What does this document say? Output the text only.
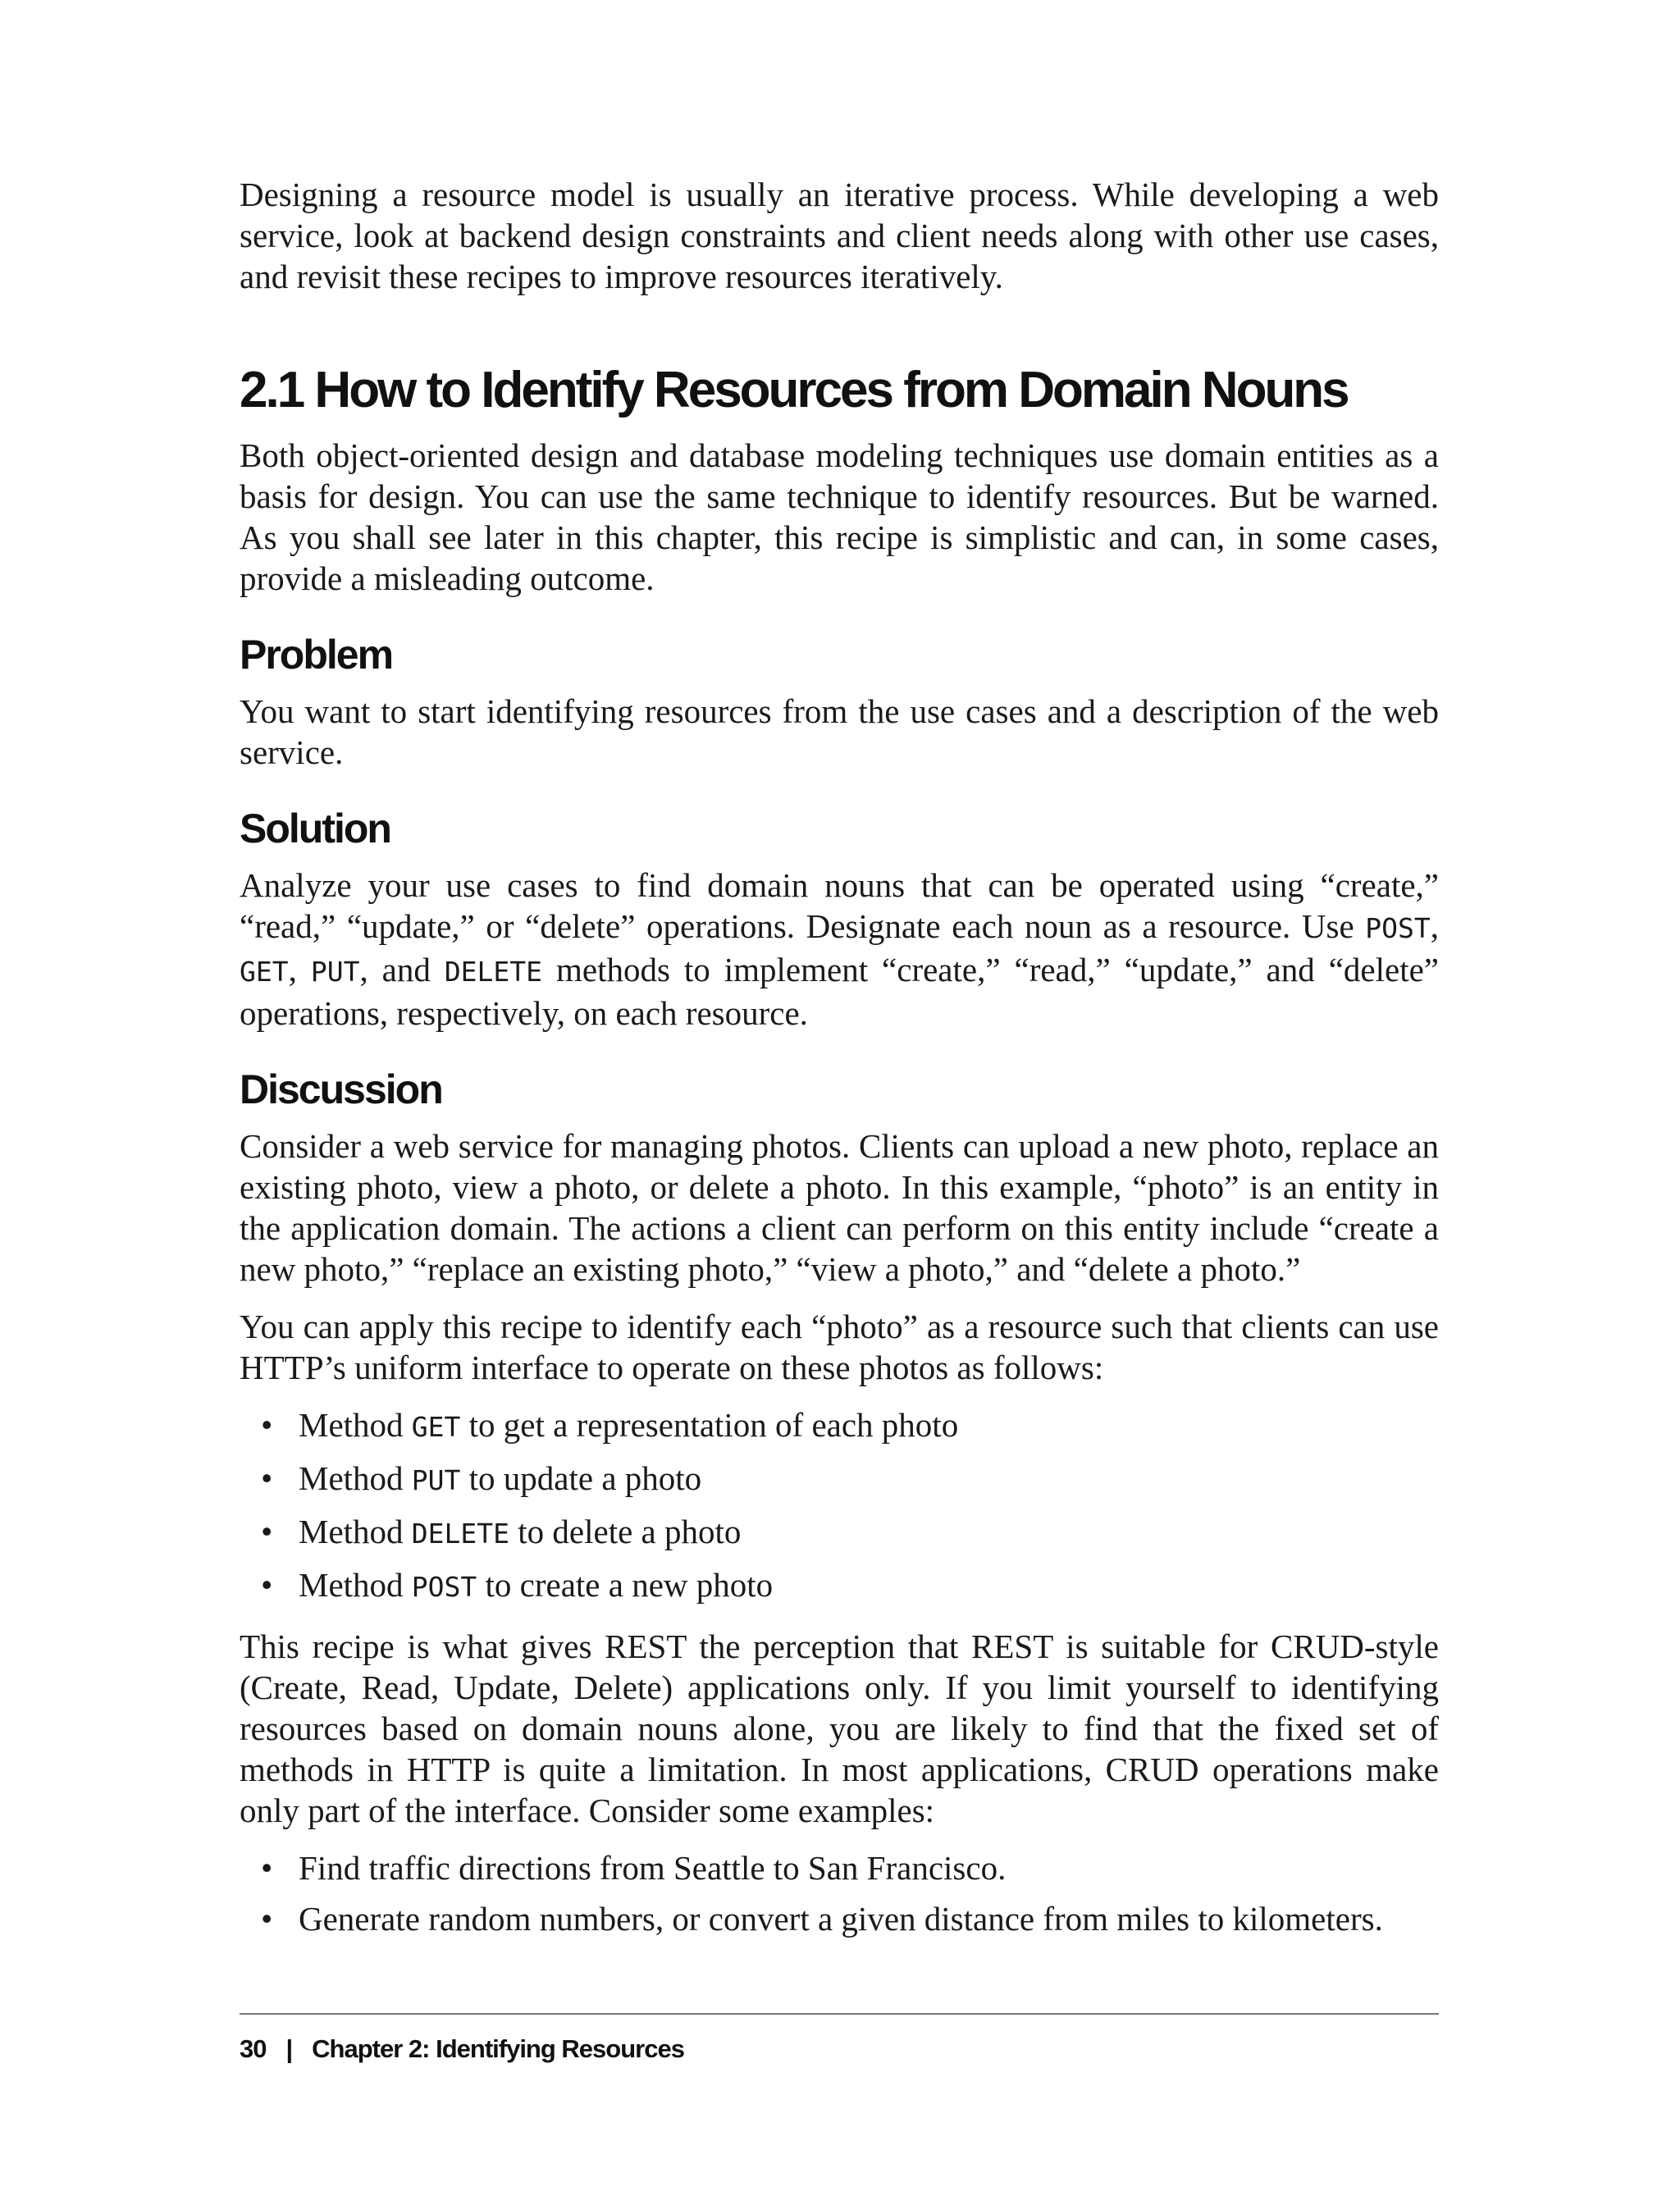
Designing a resource model is usually an iterative process. While developing a web service, look at backend design constraints and client needs along with other use cases, and revisit these recipes to improve resources iteratively.

2.1 How to Identify Resources from Domain Nouns

Both object-oriented design and database modeling techniques use domain entities as a basis for design. You can use the same technique to identify resources. But be warned. As you shall see later in this chapter, this recipe is simplistic and can, in some cases, provide a misleading outcome.

Problem

You want to start identifying resources from the use cases and a description of the web service.

Solution

Analyze your use cases to find domain nouns that can be operated using “create,” “read,” “update,” or “delete” operations. Designate each noun as a resource. Use POST, GET, PUT, and DELETE methods to implement “create,” “read,” “update,” and “delete” operations, respectively, on each resource.

Discussion

Consider a web service for managing photos. Clients can upload a new photo, replace an existing photo, view a photo, or delete a photo. In this example, “photo” is an entity in the application domain. The actions a client can perform on this entity include “create a new photo,” “replace an existing photo,” “view a photo,” and “delete a photo.”

You can apply this recipe to identify each “photo” as a resource such that clients can use HTTP’s uniform interface to operate on these photos as follows:

• Method GET to get a representation of each photo
• Method PUT to update a photo
• Method DELETE to delete a photo
• Method POST to create a new photo

This recipe is what gives REST the perception that REST is suitable for CRUD-style (Create, Read, Update, Delete) applications only. If you limit yourself to identifying resources based on domain nouns alone, you are likely to find that the fixed set of methods in HTTP is quite a limitation. In most applications, CRUD operations make only part of the interface. Consider some examples:

• Find traffic directions from Seattle to San Francisco.
• Generate random numbers, or convert a given distance from miles to kilometers.
30 | Chapter 2: Identifying Resources
